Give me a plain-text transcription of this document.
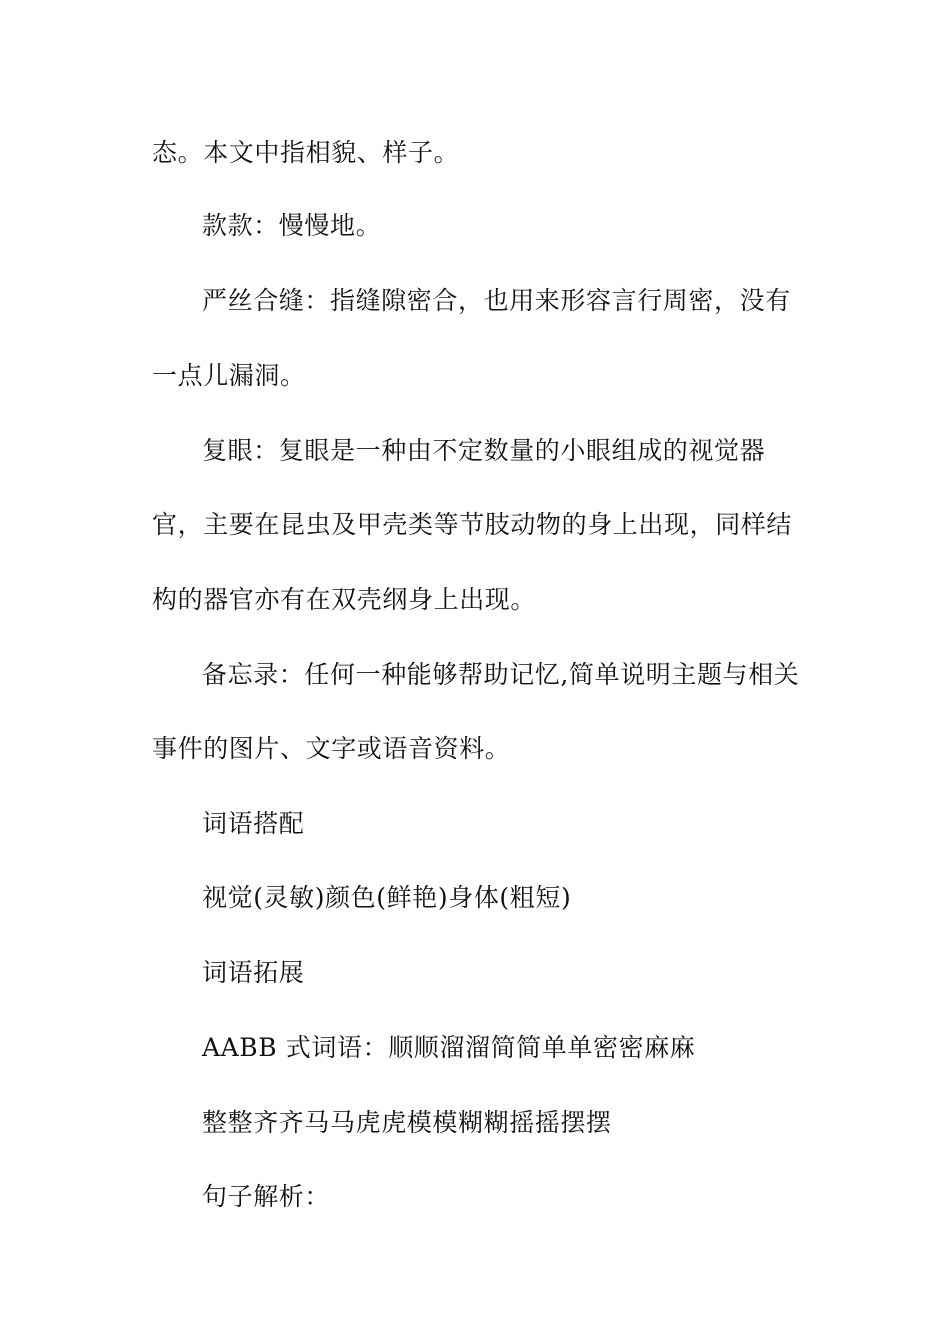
态。本文中指相貌、样子。
款款：慢慢地。
严丝合缝：指缝隙密合，也用来形容言行周密，没有
一点儿漏洞。
复眼：复眼是一种由不定数量的小眼组成的视觉器
官，主要在昆虫及甲壳类等节肢动物的身上出现，同样结
构的器官亦有在双壳纲身上出现。
备忘录：任何一种能够帮助记忆,简单说明主题与相关
事件的图片、文字或语音资料。
词语搭配
视觉(灵敏)颜色(鲜艳)身体(粗短)
词语拓展
AABB 式词语：顺顺溜溜简简单单密密麻麻
整整齐齐马马虎虎模模糊糊摇摇摆摆
句子解析：
